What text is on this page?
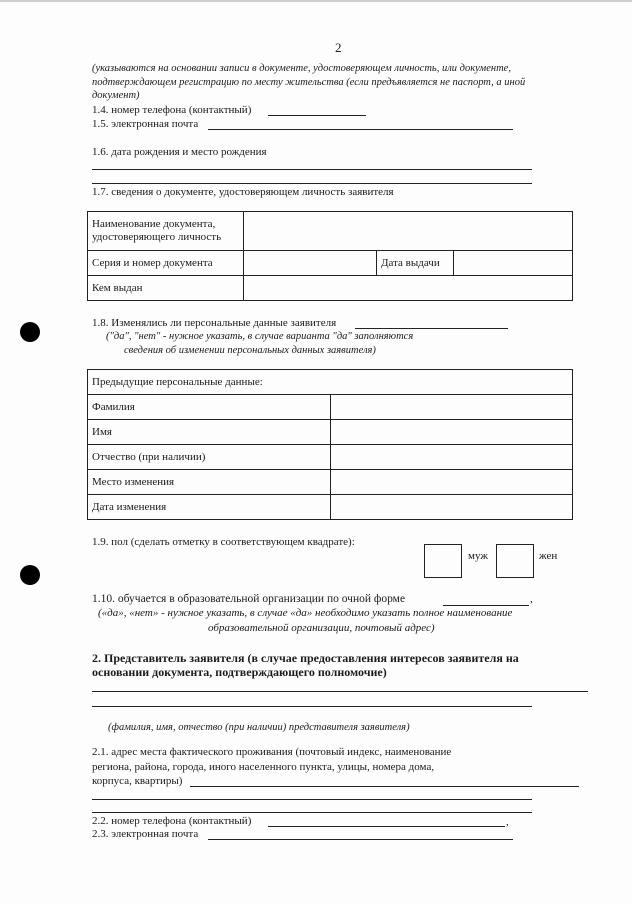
2
(указываются на основании записи в документе, удостоверяющем личность, или документе,
подтверждающем регистрацию по месту жительства (если предъявляется не паспорт, а иной
документ)
1.4. номер телефона (контактный)
1.5. электронная почта
1.6. дата рождения и место рождения
1.7. сведения о документе, удостоверяющем личность заявителя
Наименование документа,
удостоверяющего личность			
Серия и номер документа		Дата выдачи	
Кем выдан			
1.8. Изменялись ли персональные данные заявителя
("да", "нет" - нужное указать, в случае варианта "да" заполняются
сведения об изменении персональных данных заявителя)
Предыдущие персональные данные:	
Фамилия	
Имя	
Отчество (при наличии)	
Место изменения	
Дата изменения	
1.9. пол (сделать отметку в соответствующем квадрате):
муж	жен
1.10. обучается в образовательной организации по очной форме	,
(«да», «нет» - нужное указать, в случае «да» необходимо указать полное наименование
образовательной организации, почтовый адрес)
2. Представитель заявителя (в случае предоставления интересов заявителя на
основании документа, подтверждающего полномочие)
(фамилия, имя, отчество (при наличии) представителя заявителя)
2.1. адрес места фактического проживания (почтовый индекс, наименование
региона, района, города, иного населенного пункта, улицы, номера дома,
корпуса, квартиры)
2.2. номер телефона (контактный)	,
2.3. электронная почта
